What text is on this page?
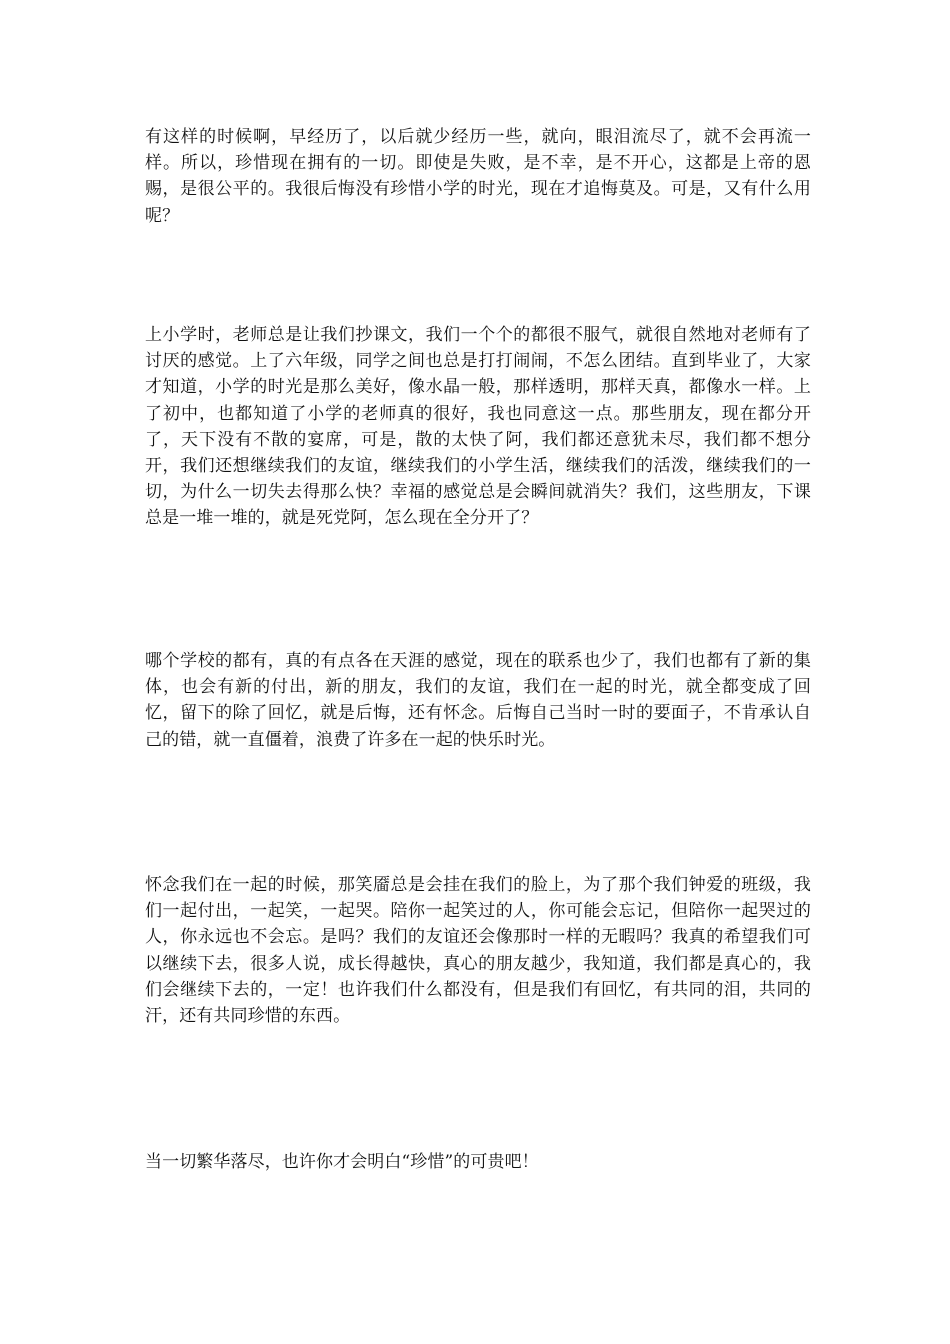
有这样的时候啊，早经历了，以后就少经历一些，就向，眼泪流尽了，就不会再流一样。所以，珍惜现在拥有的一切。即使是失败，是不幸，是不开心，这都是上帝的恩赐，是很公平的。我很后悔没有珍惜小学的时光，现在才追悔莫及。可是，又有什么用呢？

上小学时，老师总是让我们抄课文，我们一个个的都很不服气，就很自然地对老师有了讨厌的感觉。上了六年级，同学之间也总是打打闹闹，不怎么团结。直到毕业了，大家才知道，小学的时光是那么美好，像水晶一般，那样透明，那样天真，都像水一样。上了初中，也都知道了小学的老师真的很好，我也同意这一点。那些朋友，现在都分开了，天下没有不散的宴席，可是，散的太快了阿，我们都还意犹未尽，我们都不想分开，我们还想继续我们的友谊，继续我们的小学生活，继续我们的活泼，继续我们的一切，为什么一切失去得那么快？幸福的感觉总是会瞬间就消失？我们，这些朋友，下课总是一堆一堆的，就是死党阿，怎么现在全分开了？

哪个学校的都有，真的有点各在天涯的感觉，现在的联系也少了，我们也都有了新的集体，也会有新的付出，新的朋友，我们的友谊，我们在一起的时光，就全都变成了回忆，留下的除了回忆，就是后悔，还有怀念。后悔自己当时一时的要面子，不肯承认自己的错，就一直僵着，浪费了许多在一起的快乐时光。

怀念我们在一起的时候，那笑靥总是会挂在我们的脸上，为了那个我们钟爱的班级，我们一起付出，一起笑，一起哭。陪你一起笑过的人，你可能会忘记，但陪你一起哭过的人，你永远也不会忘。是吗？我们的友谊还会像那时一样的无暇吗？我真的希望我们可以继续下去，很多人说，成长得越快，真心的朋友越少，我知道，我们都是真心的，我们会继续下去的，一定！也许我们什么都没有，但是我们有回忆，有共同的泪，共同的汗，还有共同珍惜的东西。

当一切繁华落尽，也许你才会明白“珍惜”的可贵吧！
